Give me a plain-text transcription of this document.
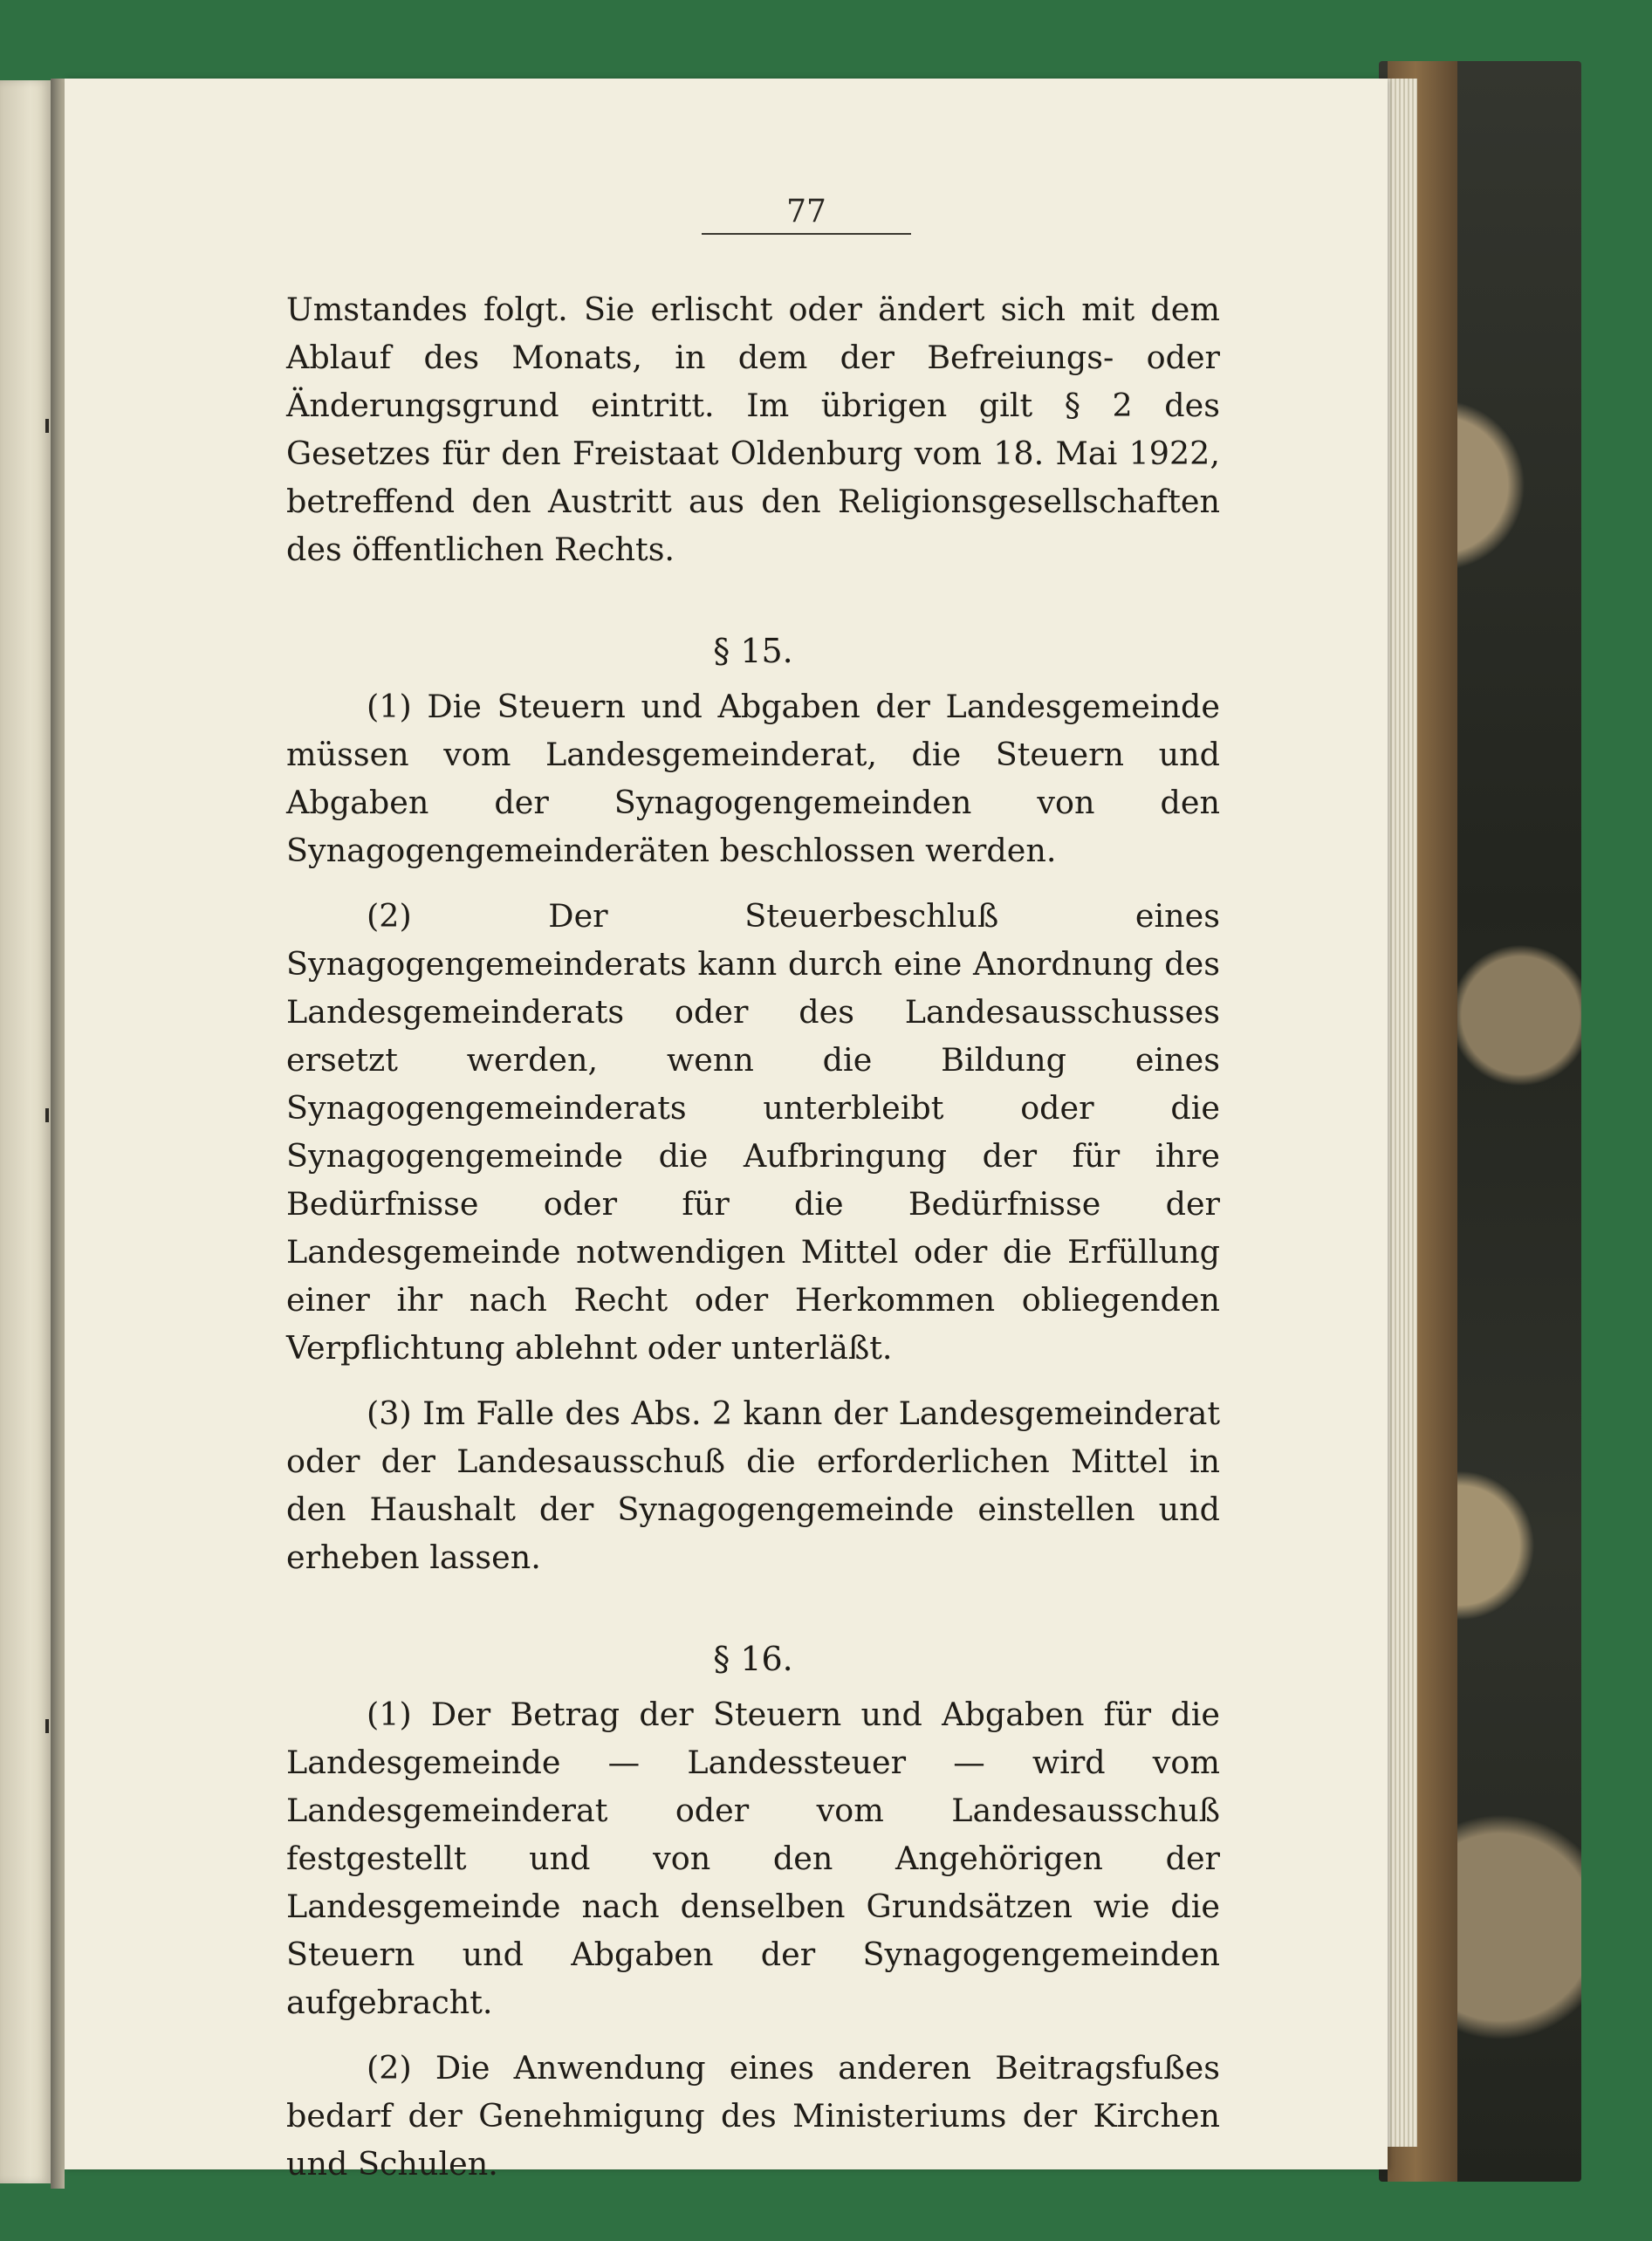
77

Umstandes folgt. Sie erlischt oder ändert sich mit dem Ablauf des Monats, in dem der Befreiungs- oder Änderungsgrund eintritt. Im übrigen gilt § 2 des Gesetzes für den Freistaat Oldenburg vom 18. Mai 1922, betreffend den Austritt aus den Religionsgesellschaften des öffentlichen Rechts.

§ 15.

(1) Die Steuern und Abgaben der Landesgemeinde müssen vom Landesgemeinderat, die Steuern und Abgaben der Synagogengemeinden von den Synagogengemeinderäten beschlossen werden.

(2) Der Steuerbeschluß eines Synagogengemeinderats kann durch eine Anordnung des Landesgemeinderats oder des Landesausschusses ersetzt werden, wenn die Bildung eines Synagogengemeinderats unterbleibt oder die Synagogengemeinde die Aufbringung der für ihre Bedürfnisse oder für die Bedürfnisse der Landesgemeinde notwendigen Mittel oder die Erfüllung einer ihr nach Recht oder Herkommen obliegenden Verpflichtung ablehnt oder unterläßt.

(3) Im Falle des Abs. 2 kann der Landesgemeinderat oder der Landesausschuß die erforderlichen Mittel in den Haushalt der Synagogengemeinde einstellen und erheben lassen.

§ 16.

(1) Der Betrag der Steuern und Abgaben für die Landesgemeinde — Landessteuer — wird vom Landesgemeinderat oder vom Landesausschuß festgestellt und von den Angehörigen der Landesgemeinde nach denselben Grundsätzen wie die Steuern und Abgaben der Synagogengemeinden aufgebracht.

(2) Die Anwendung eines anderen Beitragsfußes bedarf der Genehmigung des Ministeriums der Kirchen und Schulen.
